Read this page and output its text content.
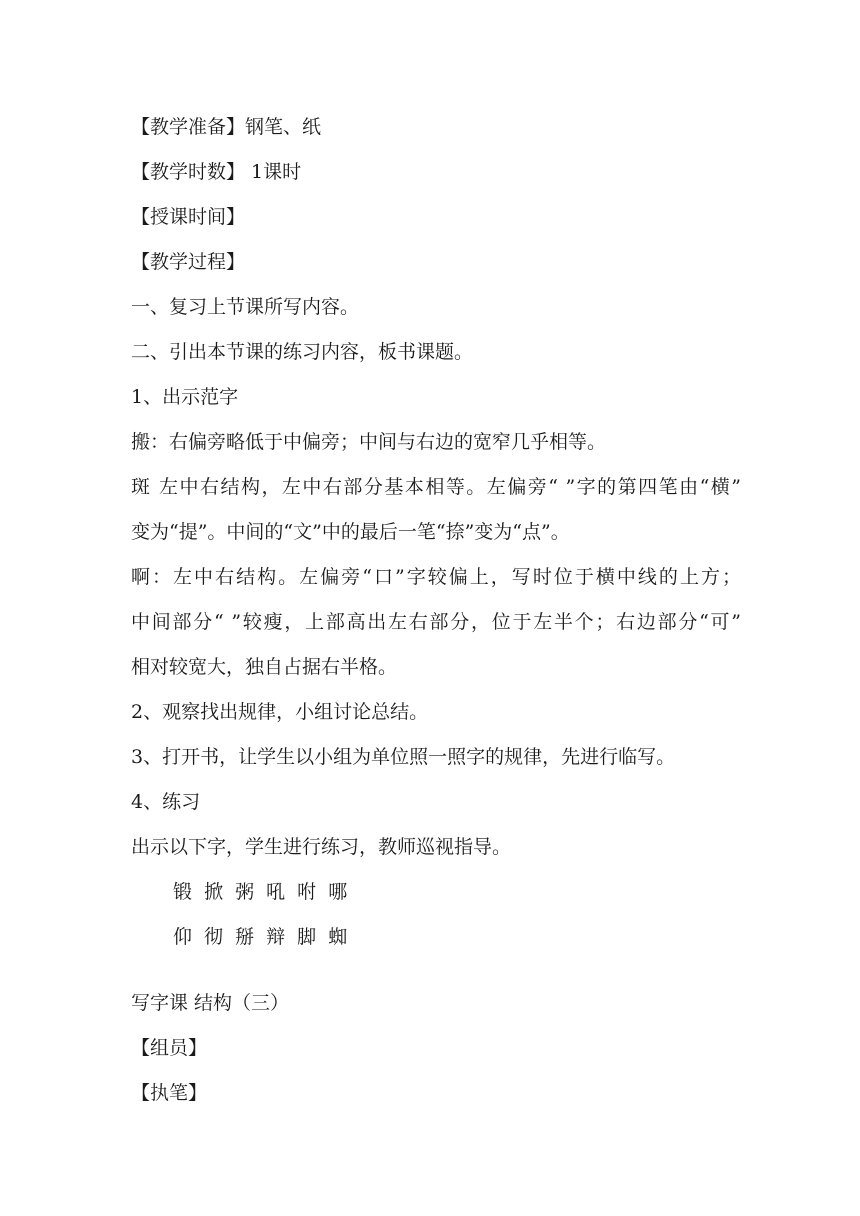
【教学准备】钢笔、纸
【教学时数】 1课时
【授课时间】
【教学过程】
一、复习上节课所写内容。
二、引出本节课的练习内容，板书课题。
1、出示范字
搬：右偏旁略低于中偏旁；中间与右边的宽窄几乎相等。
斑 左中右结构，左中右部分基本相等。左偏旁“ ”字的第四笔由“横”
变为“提”。中间的“文”中的最后一笔“捺”变为“点”。
啊：左中右结构。左偏旁“口”字较偏上，写时位于横中线的上方；
中间部分“ ”较瘦，上部高出左右部分，位于左半个；右边部分“可”
相对较宽大，独自占据右半格。
2、观察找出规律，小组讨论总结。
3、打开书，让学生以小组为单位照一照字的规律，先进行临写。
4、练习
出示以下字，学生进行练习，教师巡视指导。
锻 掀 粥 吼 咐 哪
仰 彻 掰 辩 脚 蜘
写字课 结构（三）
【组员】
【执笔】
